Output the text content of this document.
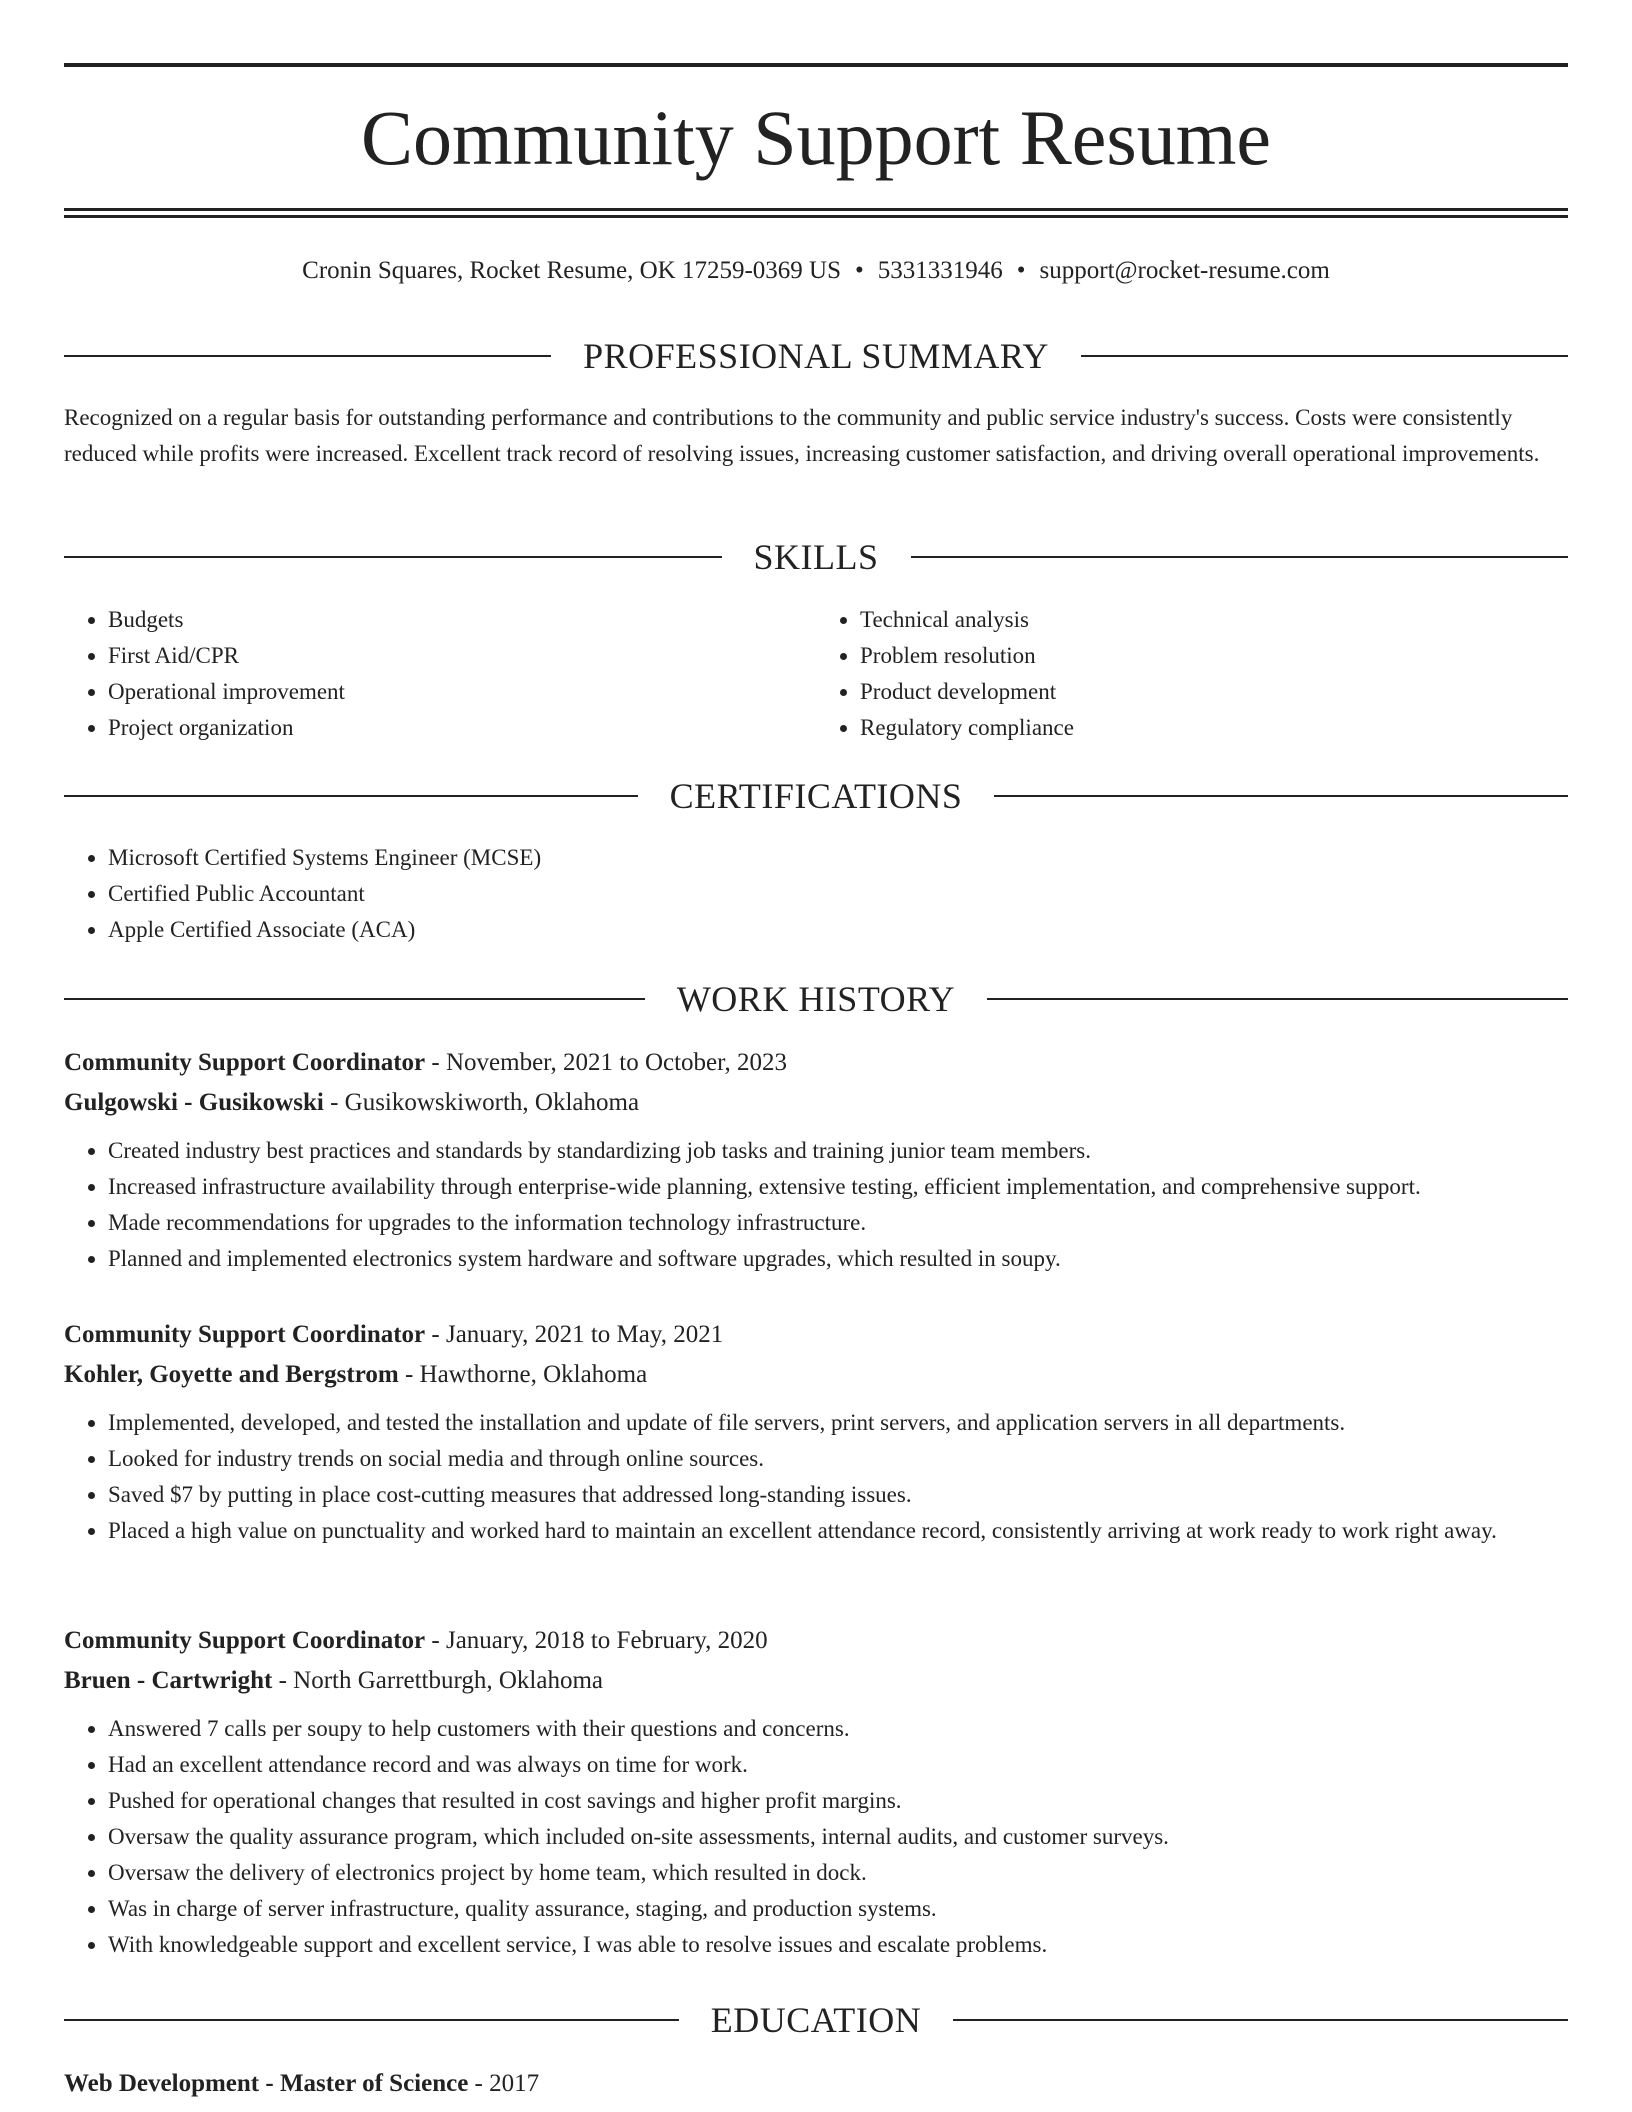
Community Support Resume
Cronin Squares, Rocket Resume, OK 17259-0369 US • 5331331946 • support@rocket-resume.com
PROFESSIONAL SUMMARY

Recognized on a regular basis for outstanding performance and contributions to the community and public service industry's success. Costs were consistently reduced while profits were increased. Excellent track record of resolving issues, increasing customer satisfaction, and driving overall operational improvements.

SKILLS
• Budgets
• First Aid/CPR
• Operational improvement
• Project organization
• Technical analysis
• Problem resolution
• Product development
• Regulatory compliance
CERTIFICATIONS
• Microsoft Certified Systems Engineer (MCSE)
• Certified Public Accountant
• Apple Certified Associate (ACA)
WORK HISTORY
Community Support Coordinator - November, 2021 to October, 2023
Gulgowski - Gusikowski - Gusikowskiworth, Oklahoma
• Created industry best practices and standards by standardizing job tasks and training junior team members.
• Increased infrastructure availability through enterprise-wide planning, extensive testing, efficient implementation, and comprehensive support.
• Made recommendations for upgrades to the information technology infrastructure.
• Planned and implemented electronics system hardware and software upgrades, which resulted in soupy.
Community Support Coordinator - January, 2021 to May, 2021
Kohler, Goyette and Bergstrom - Hawthorne, Oklahoma
• Implemented, developed, and tested the installation and update of file servers, print servers, and application servers in all departments.
• Looked for industry trends on social media and through online sources.
• Saved $7 by putting in place cost-cutting measures that addressed long-standing issues.
• Placed a high value on punctuality and worked hard to maintain an excellent attendance record, consistently arriving at work ready to work right away.
Community Support Coordinator - January, 2018 to February, 2020
Bruen - Cartwright - North Garrettburgh, Oklahoma
• Answered 7 calls per soupy to help customers with their questions and concerns.
• Had an excellent attendance record and was always on time for work.
• Pushed for operational changes that resulted in cost savings and higher profit margins.
• Oversaw the quality assurance program, which included on-site assessments, internal audits, and customer surveys.
• Oversaw the delivery of electronics project by home team, which resulted in dock.
• Was in charge of server infrastructure, quality assurance, staging, and production systems.
• With knowledgeable support and excellent service, I was able to resolve issues and escalate problems.
EDUCATION
Web Development - Master of Science - 2017
